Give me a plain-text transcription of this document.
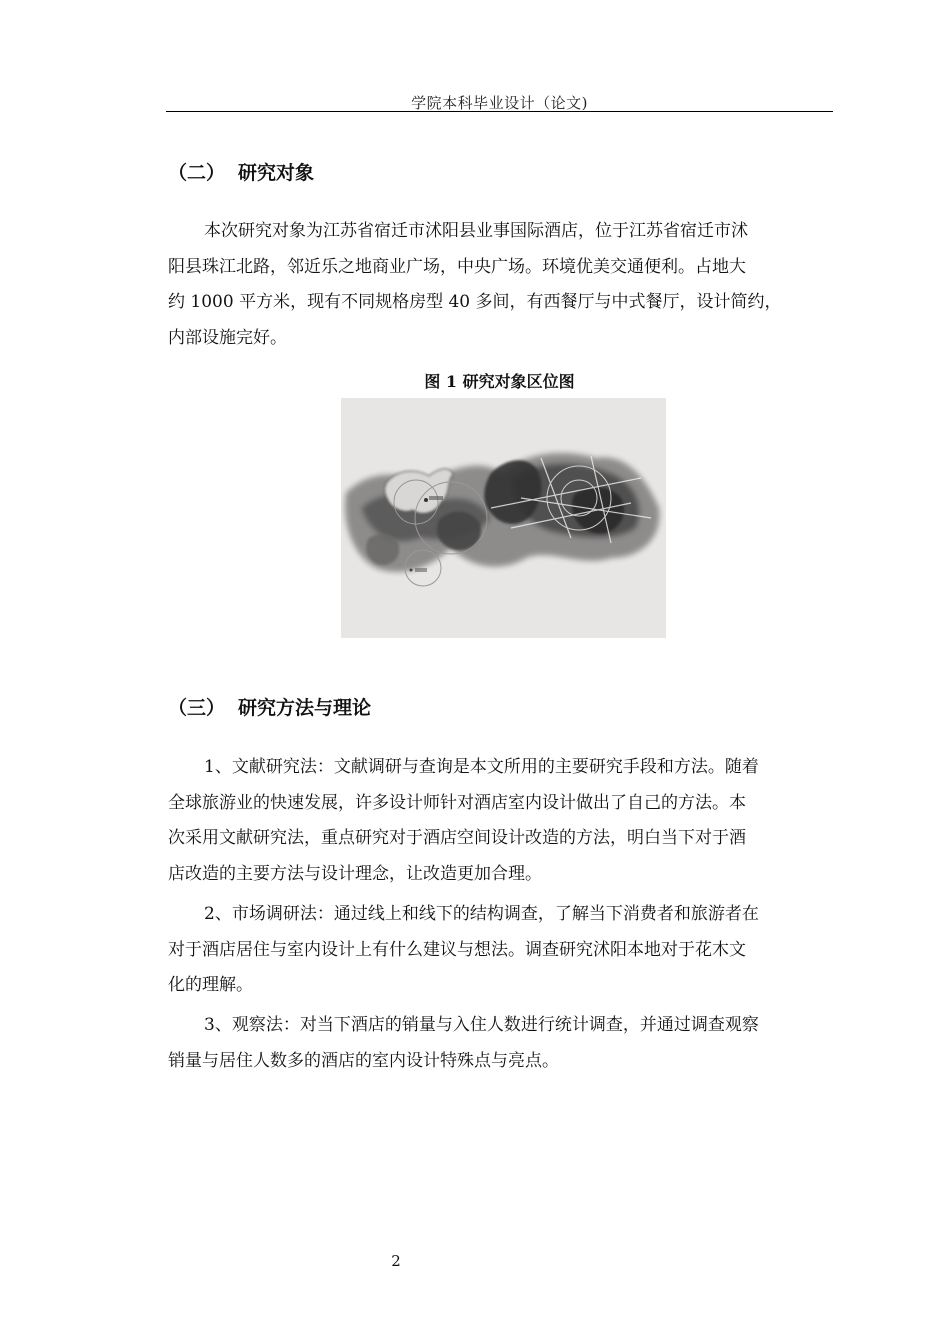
学院本科毕业设计（论文)
（二） 研究对象
本次研究对象为江苏省宿迁市沭阳县业事国际酒店，位于江苏省宿迁市沭
阳县珠江北路，邻近乐之地商业广场，中央广场。环境优美交通便利。占地大
约 1000 平方米，现有不同规格房型 40 多间，有西餐厅与中式餐厅，设计简约，
内部设施完好。
图 1 研究对象区位图
（三） 研究方法与理论
1、文献研究法：文献调研与查询是本文所用的主要研究手段和方法。随着
全球旅游业的快速发展，许多设计师针对酒店室内设计做出了自己的方法。本
次采用文献研究法，重点研究对于酒店空间设计改造的方法，明白当下对于酒
店改造的主要方法与设计理念，让改造更加合理。
2、市场调研法：通过线上和线下的结构调查，了解当下消费者和旅游者在
对于酒店居住与室内设计上有什么建议与想法。调查研究沭阳本地对于花木文
化的理解。
3、观察法：对当下酒店的销量与入住人数进行统计调查，并通过调查观察
销量与居住人数多的酒店的室内设计特殊点与亮点。
2
